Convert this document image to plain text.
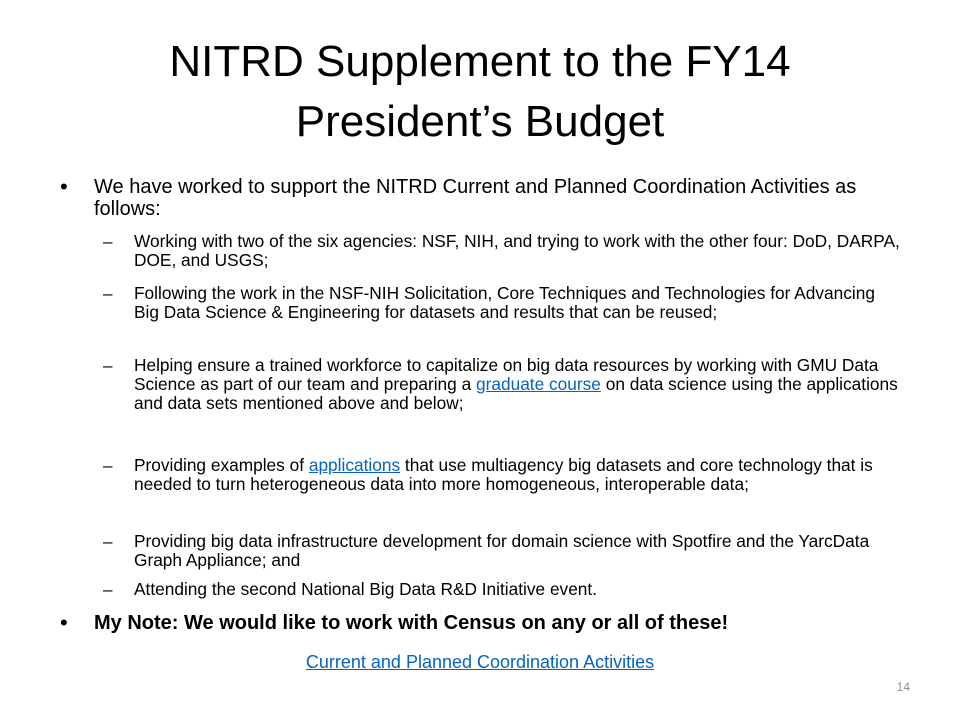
NITRD Supplement to the FY14
President’s Budget
• We have worked to support the NITRD Current and Planned Coordination Activities as follows:
– Working with two of the six agencies: NSF, NIH, and trying to work with the other four: DoD, DARPA, DOE, and USGS;
– Following the work in the NSF-NIH Solicitation, Core Techniques and Technologies for Advancing Big Data Science & Engineering for datasets and results that can be reused;
– Helping ensure a trained workforce to capitalize on big data resources by working with GMU Data Science as part of our team and preparing a graduate course on data science using the applications and data sets mentioned above and below;
– Providing examples of applications that use multiagency big datasets and core technology that is needed to turn heterogeneous data into more homogeneous, interoperable data;
– Providing big data infrastructure development for domain science with Spotfire and the YarcData Graph Appliance; and
– Attending the second National Big Data R&D Initiative event.
• My Note: We would like to work with Census on any or all of these!
Current and Planned Coordination Activities
14
